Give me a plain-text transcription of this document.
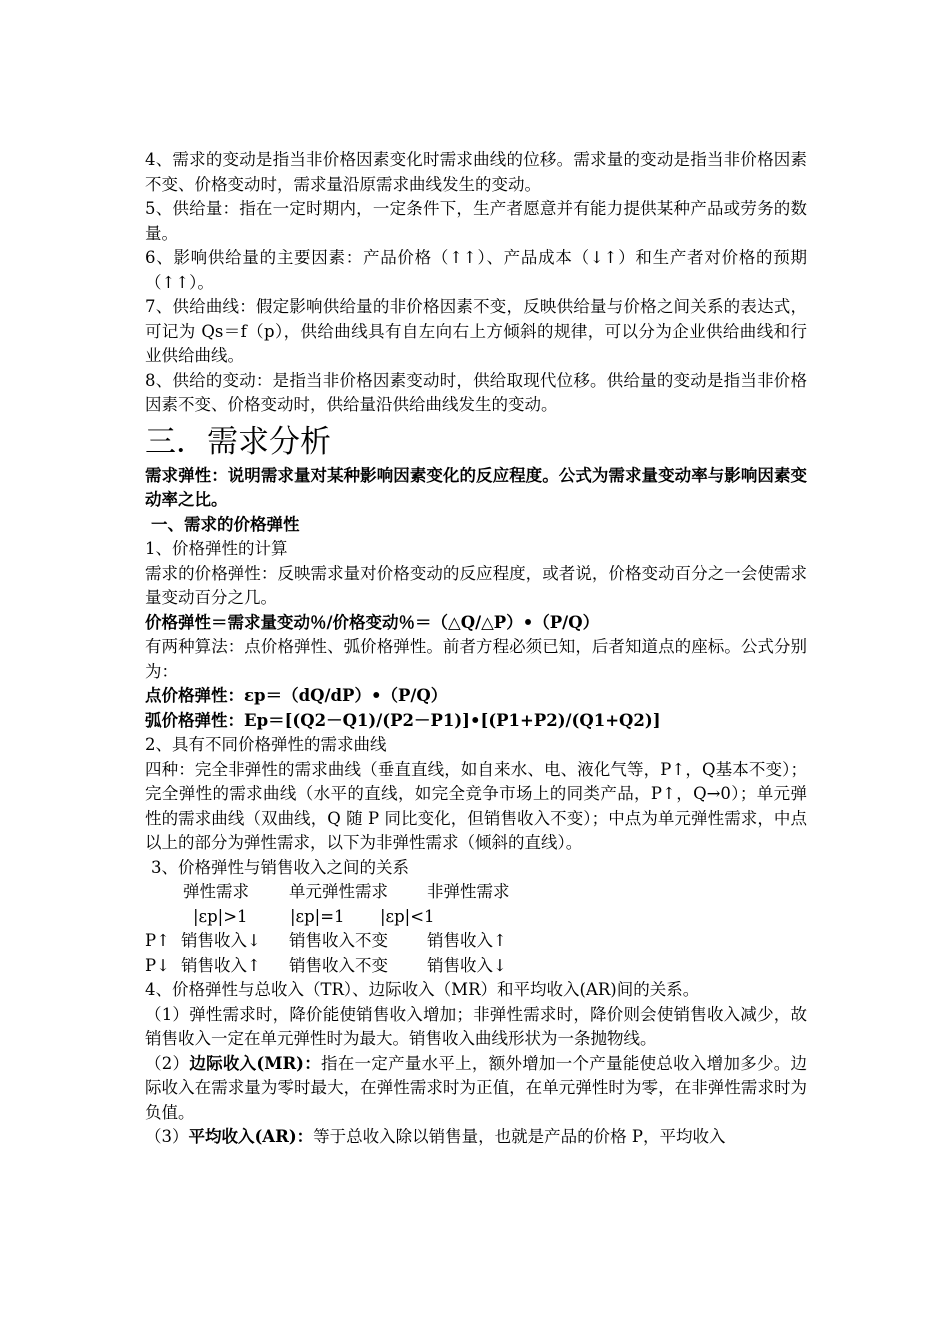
4、需求的变动是指当非价格因素变化时需求曲线的位移。需求量的变动是指当非价格因素不变、价格变动时，需求量沿原需求曲线发生的变动。

5、供给量：指在一定时期内，一定条件下，生产者愿意并有能力提供某种产品或劳务的数量。

6、影响供给量的主要因素：产品价格（↑↑）、产品成本（↓↑）和生产者对价格的预期（↑↑）。

7、供给曲线：假定影响供给量的非价格因素不变，反映供给量与价格之间关系的表达式，可记为 Qs＝f（p），供给曲线具有自左向右上方倾斜的规律，可以分为企业供给曲线和行业供给曲线。

8、供给的变动：是指当非价格因素变动时，供给取现代位移。供给量的变动是指当非价格因素不变、价格变动时，供给量沿供给曲线发生的变动。

三．需求分析

需求弹性：说明需求量对某种影响因素变化的反应程度。公式为需求量变动率与影响因素变动率之比。

一、需求的价格弹性

1、价格弹性的计算

需求的价格弹性：反映需求量对价格变动的反应程度，或者说，价格变动百分之一会使需求量变动百分之几。

价格弹性＝需求量变动％/价格变动％＝（△Q/△P）•（P/Q）

有两种算法：点价格弹性、弧价格弹性。前者方程必须已知，后者知道点的座标。公式分别为：

点价格弹性：εp＝（dQ/dP）•（P/Q）

弧价格弹性：Ep＝[(Q2－Q1)/(P2－P1)]•[(P1+P2)/(Q1+Q2)]

2、具有不同价格弹性的需求曲线

四种：完全非弹性的需求曲线（垂直直线，如自来水、电、液化气等，P↑，Q基本不变）；完全弹性的需求曲线（水平的直线，如完全竞争市场上的同类产品，P↑，Q→0）；单元弹性的需求曲线（双曲线，Q 随 P 同比变化，但销售收入不变）；中点为单元弹性需求，中点以上的部分为弹性需求，以下为非弹性需求（倾斜的直线）。

3、价格弹性与销售收入之间的关系

弹性需求 单元弹性需求 非弹性需求
|εp|>1	|εp|=1 |εp|<1
P↑ 销售收入↓ 销售收入不变 销售收入↑
P↓ 销售收入↑ 销售收入不变 销售收入↓

4、价格弹性与总收入（TR）、边际收入（MR）和平均收入(AR)间的关系。

（1）弹性需求时，降价能使销售收入增加；非弹性需求时，降价则会使销售收入减少，故销售收入一定在单元弹性时为最大。销售收入曲线形状为一条抛物线。

（2）边际收入(MR)：指在一定产量水平上，额外增加一个产量能使总收入增加多少。边际收入在需求量为零时最大，在弹性需求时为正值，在单元弹性时为零，在非弹性需求时为负值。

（3）平均收入(AR)：等于总收入除以销售量，也就是产品的价格 P，平均收入
